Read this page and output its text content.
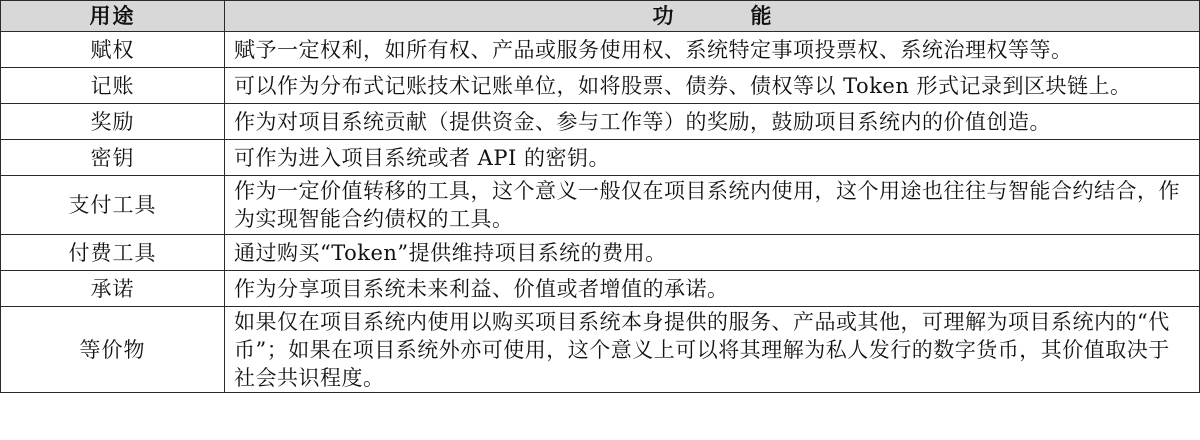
用途	功　能
赋权	赋予一定权利，如所有权、产品或服务使用权、系统特定事项投票权、系统治理权等等。
记账	可以作为分布式记账技术记账单位，如将股票、债券、债权等以 Token 形式记录到区块链上。
奖励	作为对项目系统贡献（提供资金、参与工作等）的奖励，鼓励项目系统内的价值创造。
密钥	可作为进入项目系统或者 API 的密钥。
支付工具	作为一定价值转移的工具，这个意义一般仅在项目系统内使用，这个用途也往往与智能合约结合，作为实现智能合约债权的工具。
付费工具	通过购买“Token”提供维持项目系统的费用。
承诺	作为分享项目系统未来利益、价值或者增值的承诺。
等价物	如果仅在项目系统内使用以购买项目系统本身提供的服务、产品或其他，可理解为项目系统内的“代币”；如果在项目系统外亦可使用，这个意义上可以将其理解为私人发行的数字货币，其价值取决于社会共识程度。
